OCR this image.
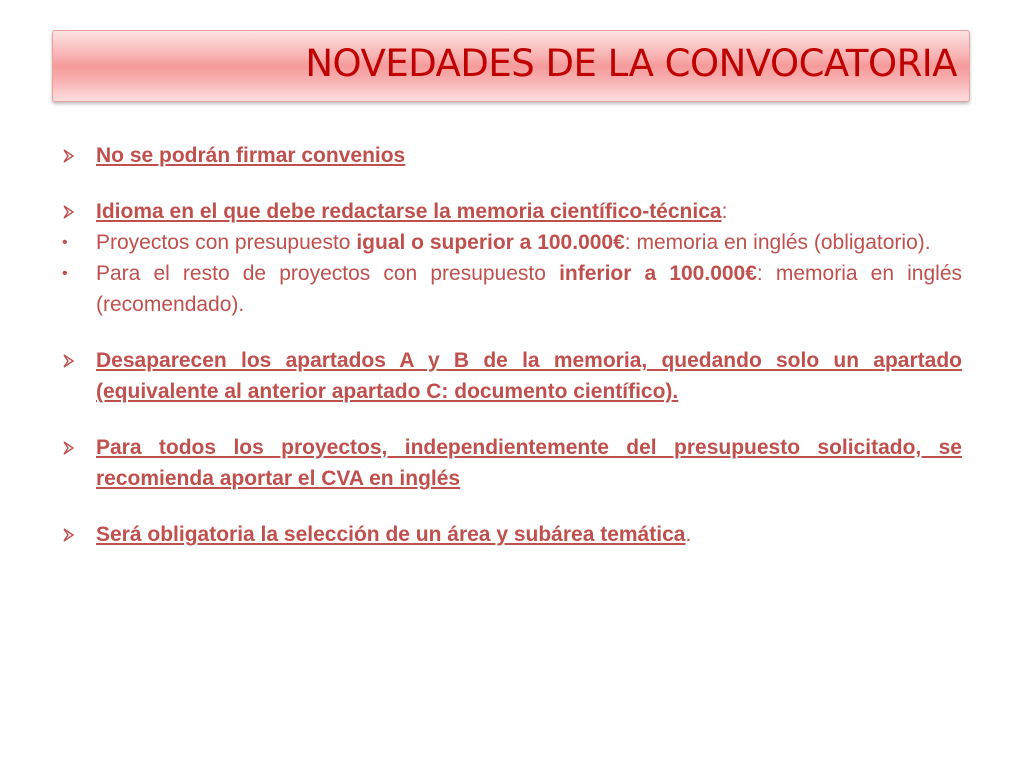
NOVEDADES DE LA CONVOCATORIA
No se podrán firmar convenios
Idioma en el que debe redactarse la memoria científico-técnica:
• Proyectos con presupuesto igual o superior a 100.000€: memoria en inglés (obligatorio).
• Para el resto de proyectos con presupuesto inferior a 100.000€: memoria en inglés (recomendado).
Desaparecen los apartados A y B de la memoria, quedando solo un apartado (equivalente al anterior apartado C: documento científico).
Para todos los proyectos, independientemente del presupuesto solicitado, se recomienda aportar el CVA en inglés
Será obligatoria la selección de un área y subárea temática.
